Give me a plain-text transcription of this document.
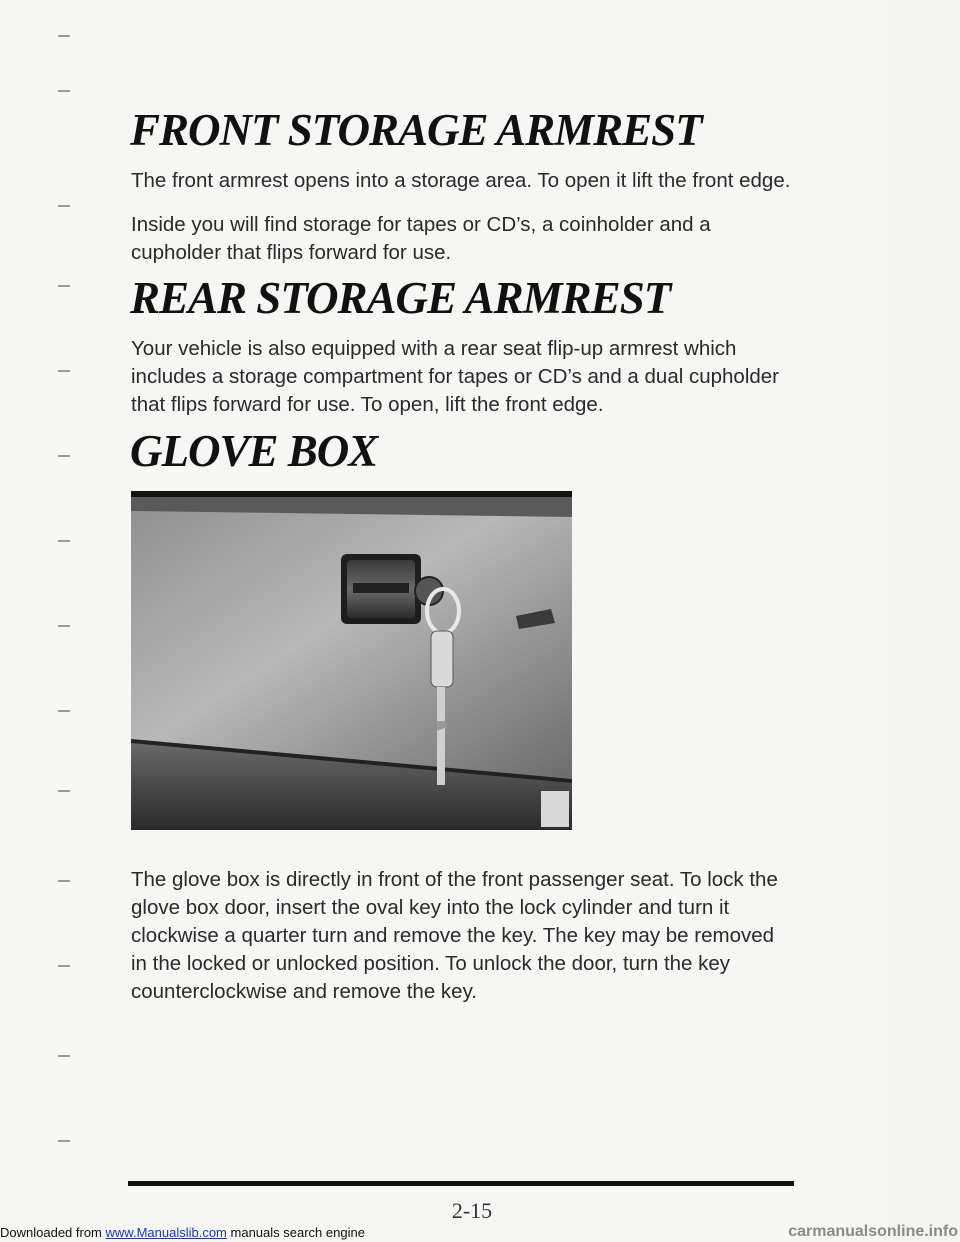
FRONT STORAGE ARMREST

The front armrest opens into a storage area. To open it lift the front edge.

Inside you will find storage for tapes or CD’s, a coinholder and a cupholder that flips forward for use.

REAR STORAGE ARMREST

Your vehicle is also equipped with a rear seat flip-up armrest which includes a storage compartment for tapes or CD’s and a dual cupholder that flips forward for use. To open, lift the front edge.

GLOVE BOX

The glove box is directly in front of the front passenger seat. To lock the glove box door, insert the oval key into the lock cylinder and turn it clockwise a quarter turn and remove the key. The key may be removed in the locked or unlocked position. To unlock the door, turn the key counterclockwise and remove the key.

2-15
Downloaded from www.Manualslib.com manuals search engine	carmanualsonline.info
